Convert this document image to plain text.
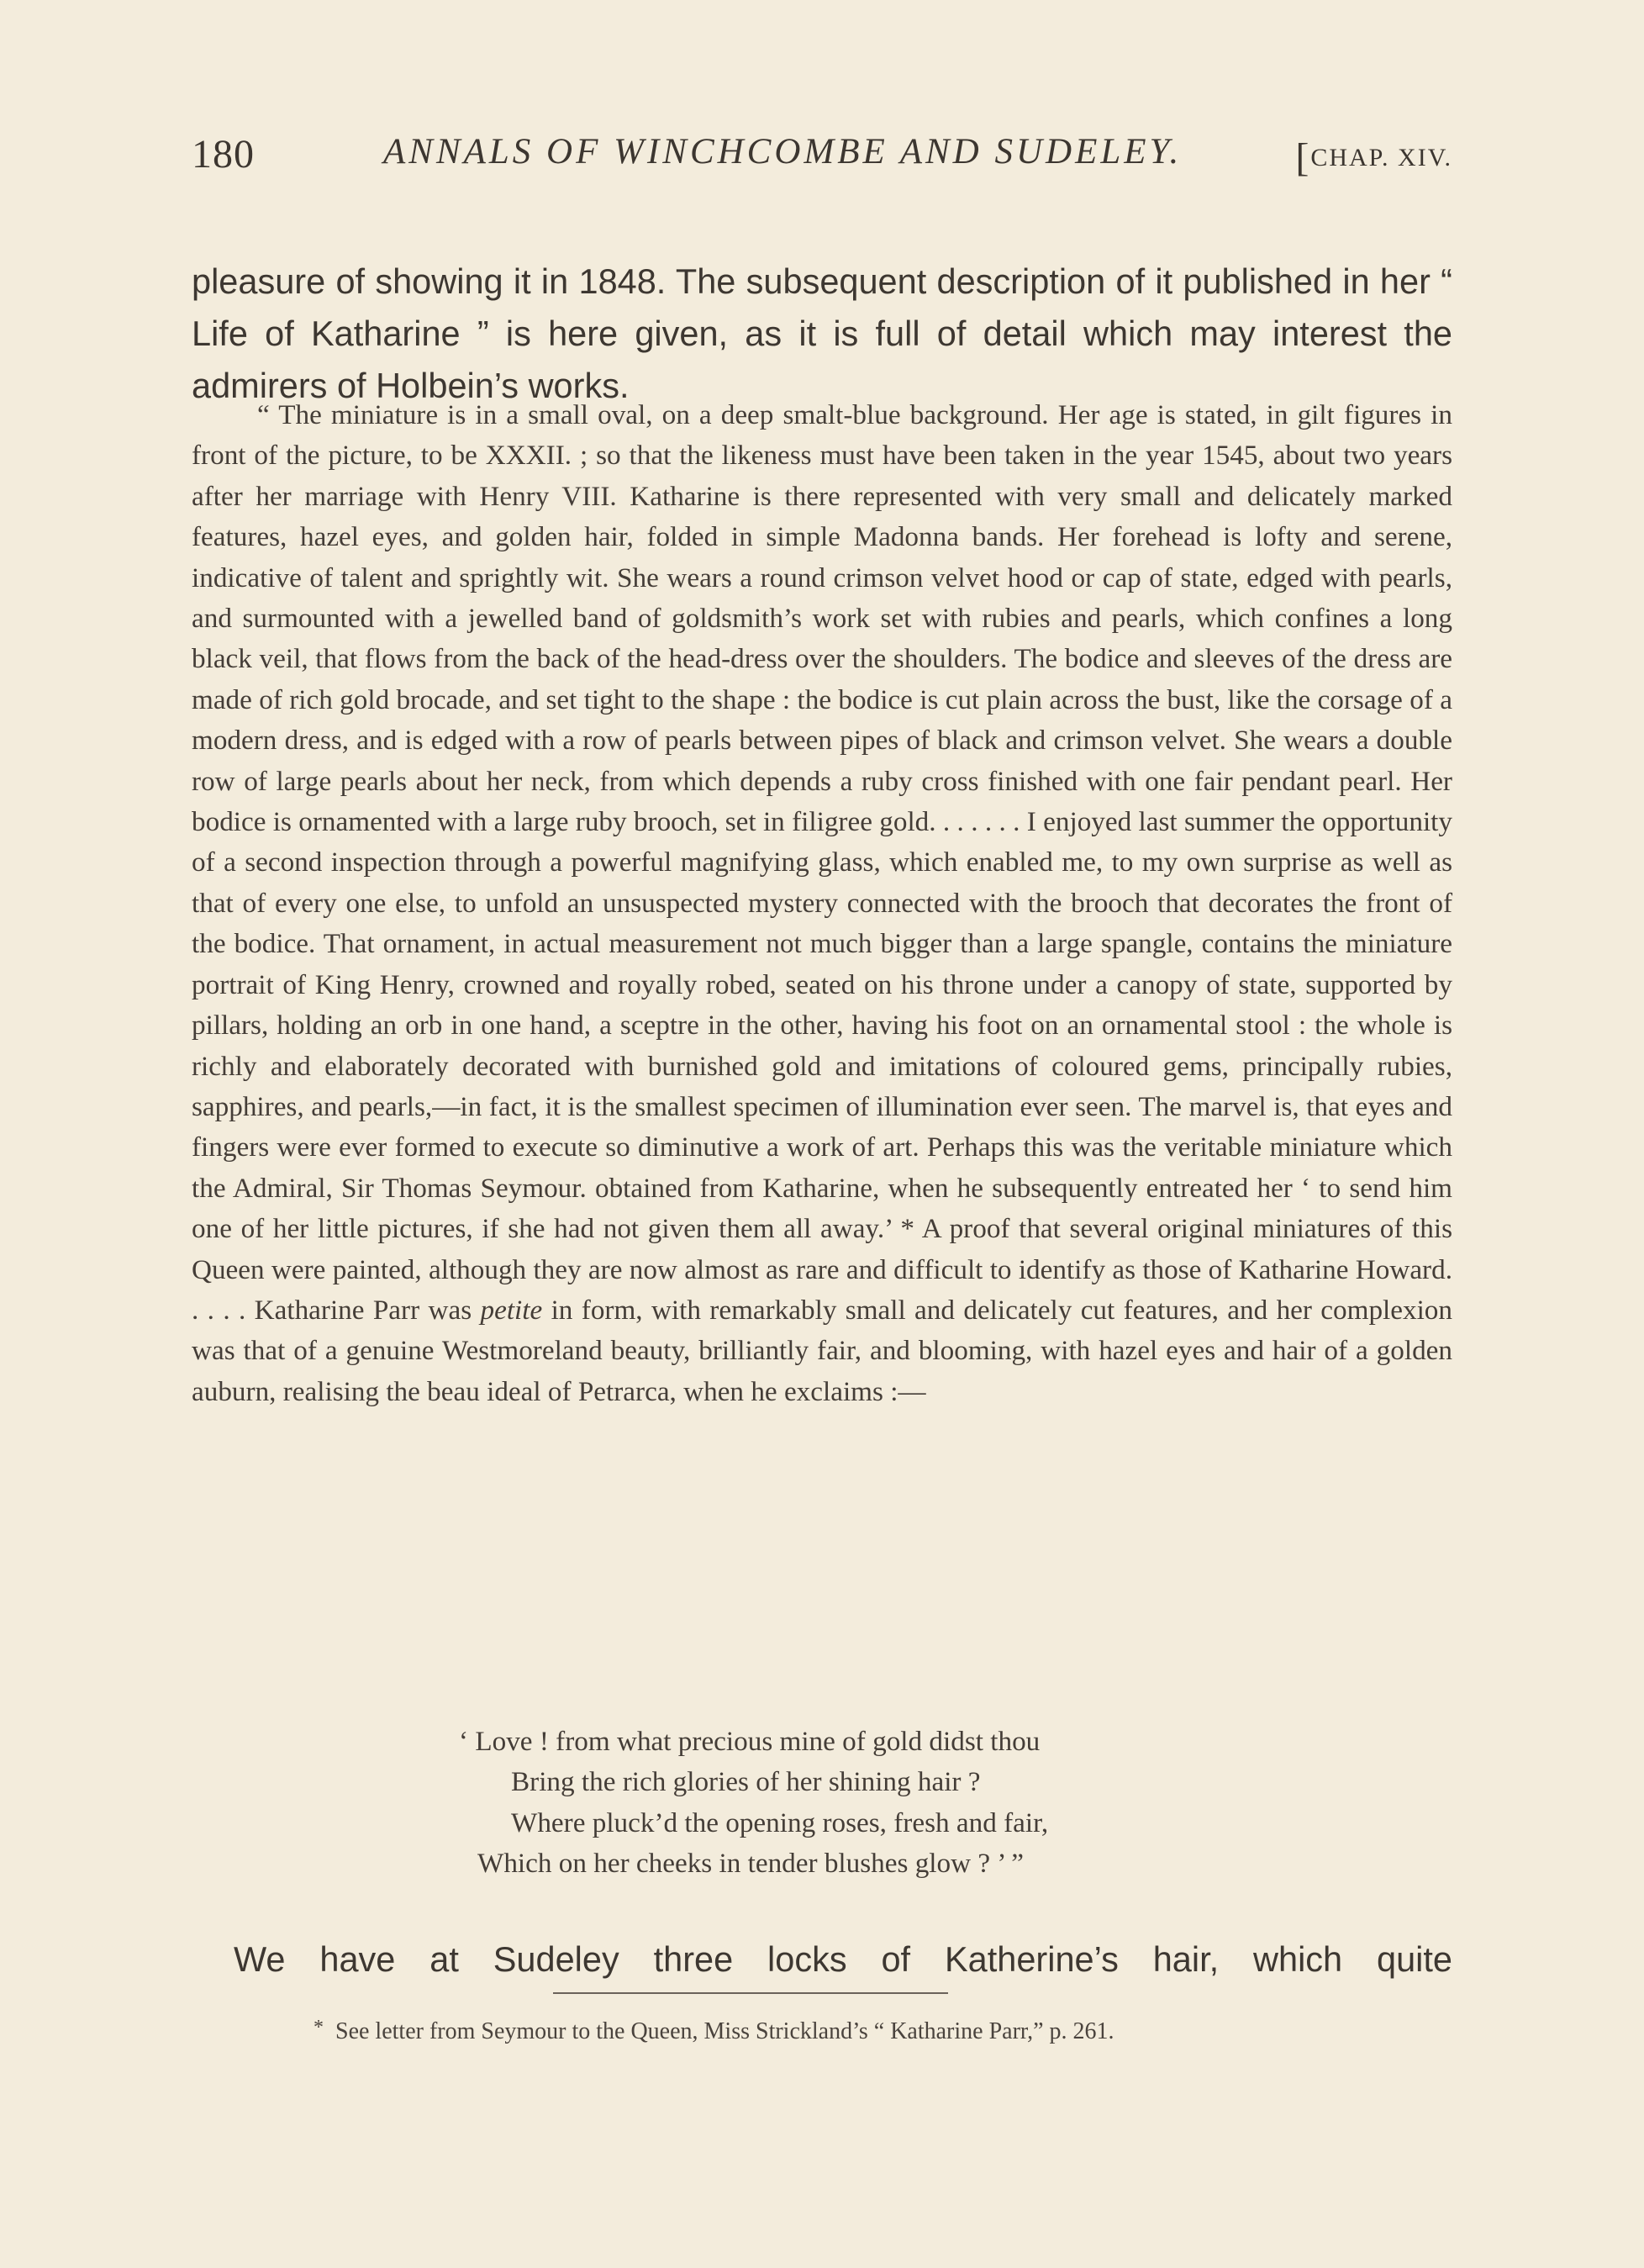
180	ANNALS OF WINCHCOMBE AND SUDELEY.	[CHAP. XIV.

pleasure of showing it in 1848. The subsequent description of it published in her “ Life of Katharine ” is here given, as it is full of detail which may interest the admirers of Holbein’s works.

“ The miniature is in a small oval, on a deep smalt-blue background. Her age is stated, in gilt figures in front of the picture, to be XXXII. ; so that the likeness must have been taken in the year 1545, about two years after her marriage with Henry VIII. Katharine is there represented with very small and delicately marked features, hazel eyes, and golden hair, folded in simple Madonna bands. Her forehead is lofty and serene, indicative of talent and sprightly wit. She wears a round crimson velvet hood or cap of state, edged with pearls, and surmounted with a jewelled band of goldsmith’s work set with rubies and pearls, which confines a long black veil, that flows from the back of the head-dress over the shoulders. The bodice and sleeves of the dress are made of rich gold brocade, and set tight to the shape : the bodice is cut plain across the bust, like the corsage of a modern dress, and is edged with a row of pearls between pipes of black and crimson velvet. She wears a double row of large pearls about her neck, from which depends a ruby cross finished with one fair pendant pearl. Her bodice is ornamented with a large ruby brooch, set in filigree gold. . . . . . . I enjoyed last summer the opportunity of a second inspection through a powerful magnifying glass, which enabled me, to my own surprise as well as that of every one else, to unfold an unsuspected mystery connected with the brooch that decorates the front of the bodice. That ornament, in actual measurement not much bigger than a large spangle, contains the miniature portrait of King Henry, crowned and royally robed, seated on his throne under a canopy of state, supported by pillars, holding an orb in one hand, a sceptre in the other, having his foot on an ornamental stool : the whole is richly and elaborately decorated with burnished gold and imitations of coloured gems, principally rubies, sapphires, and pearls,—in fact, it is the smallest specimen of illumination ever seen. The marvel is, that eyes and fingers were ever formed to execute so diminutive a work of art. Perhaps this was the veritable miniature which the Admiral, Sir Thomas Seymour. obtained from Katharine, when he subsequently entreated her ‘ to send him one of her little pictures, if she had not given them all away.’ * A proof that several original miniatures of this Queen were painted, although they are now almost as rare and difficult to identify as those of Katharine Howard. . . . . Katharine Parr was petite in form, with remarkably small and delicately cut features, and her complexion was that of a genuine Westmoreland beauty, brilliantly fair, and blooming, with hazel eyes and hair of a golden auburn, realising the beau ideal of Petrarca, when he exclaims :—

‘ Love ! from what precious mine of gold didst thou
Bring the rich glories of her shining hair ?
Where pluck’d the opening roses, fresh and fair,
Which on her cheeks in tender blushes glow ? ’ ”

We have at Sudeley three locks of Katherine’s hair, which quite

* See letter from Seymour to the Queen, Miss Strickland’s “ Katharine Parr,” p. 261.
